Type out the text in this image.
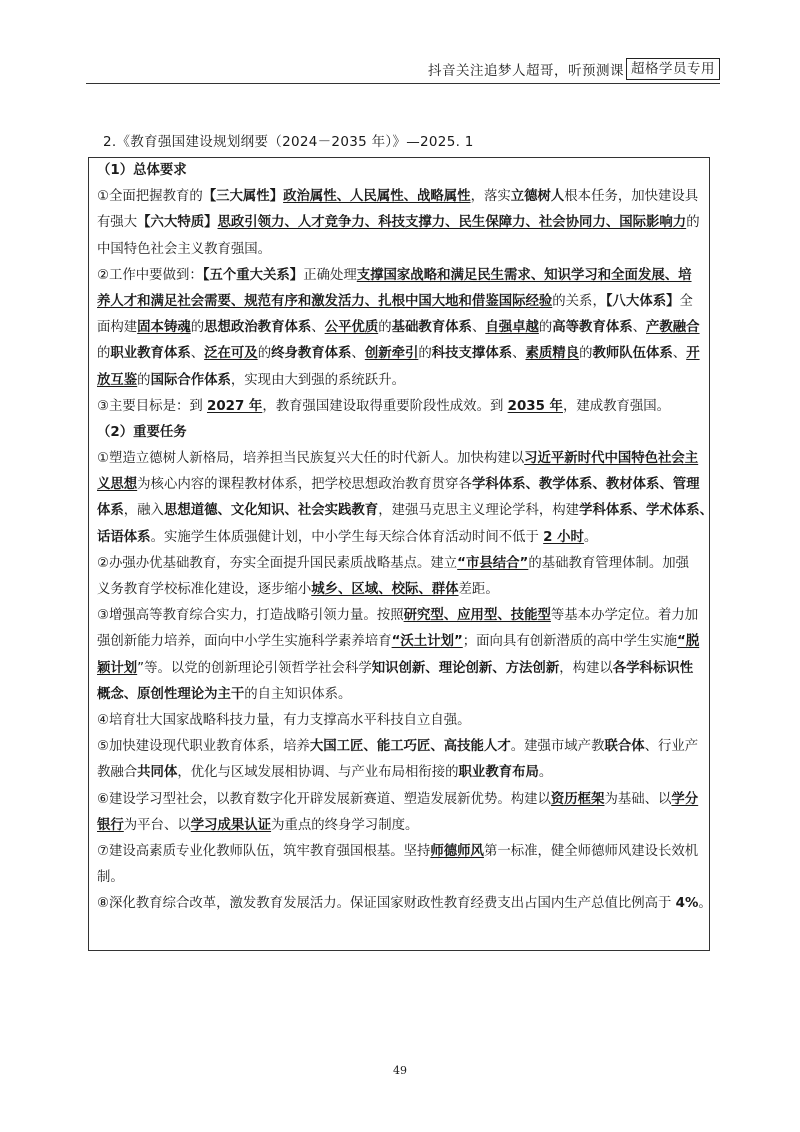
抖音关注追梦人超哥，听预测课 超格学员专用
2.《教育强国建设规划纲要（2024－2035 年）》—2025. 1
（1）总体要求
①全面把握教育的【三大属性】政治属性、人民属性、战略属性，落实立德树人根本任务，加快建设具
有强大【六大特质】思政引领力、人才竞争力、科技支撑力、民生保障力、社会协同力、国际影响力的
中国特色社会主义教育强国。
②工作中要做到：【五个重大关系】正确处理支撑国家战略和满足民生需求、知识学习和全面发展、培
养人才和满足社会需要、规范有序和激发活力、扎根中国大地和借鉴国际经验的关系，【八大体系】全
面构建固本铸魂的思想政治教育体系、公平优质的基础教育体系、自强卓越的高等教育体系、产教融合
的职业教育体系、泛在可及的终身教育体系、创新牵引的科技支撑体系、素质精良的教师队伍体系、开
放互鉴的国际合作体系，实现由大到强的系统跃升。
③主要目标是：到 2027 年，教育强国建设取得重要阶段性成效。到 2035 年，建成教育强国。
（2）重要任务
①塑造立德树人新格局，培养担当民族复兴大任的时代新人。加快构建以习近平新时代中国特色社会主
义思想为核心内容的课程教材体系，把学校思想政治教育贯穿各学科体系、教学体系、教材体系、管理
体系，融入思想道德、文化知识、社会实践教育，建强马克思主义理论学科，构建学科体系、学术体系、
话语体系。实施学生体质强健计划，中小学生每天综合体育活动时间不低于 2 小时。
②办强办优基础教育，夯实全面提升国民素质战略基点。建立“市县结合”的基础教育管理体制。加强
义务教育学校标准化建设，逐步缩小城乡、区域、校际、群体差距。
③增强高等教育综合实力，打造战略引领力量。按照研究型、应用型、技能型等基本办学定位。着力加
强创新能力培养，面向中小学生实施科学素养培育“沃土计划”；面向具有创新潜质的高中学生实施“脱
颖计划”等。以党的创新理论引领哲学社会科学知识创新、理论创新、方法创新，构建以各学科标识性
概念、原创性理论为主干的自主知识体系。
④培育壮大国家战略科技力量，有力支撑高水平科技自立自强。
⑤加快建设现代职业教育体系，培养大国工匠、能工巧匠、高技能人才。建强市域产教联合体、行业产
教融合共同体，优化与区域发展相协调、与产业布局相衔接的职业教育布局。
⑥建设学习型社会，以教育数字化开辟发展新赛道、塑造发展新优势。构建以资历框架为基础、以学分
银行为平台、以学习成果认证为重点的终身学习制度。
⑦建设高素质专业化教师队伍，筑牢教育强国根基。坚持师德师风第一标准，健全师德师风建设长效机
制。
⑧深化教育综合改革，激发教育发展活力。保证国家财政性教育经费支出占国内生产总值比例高于 4%。
49
